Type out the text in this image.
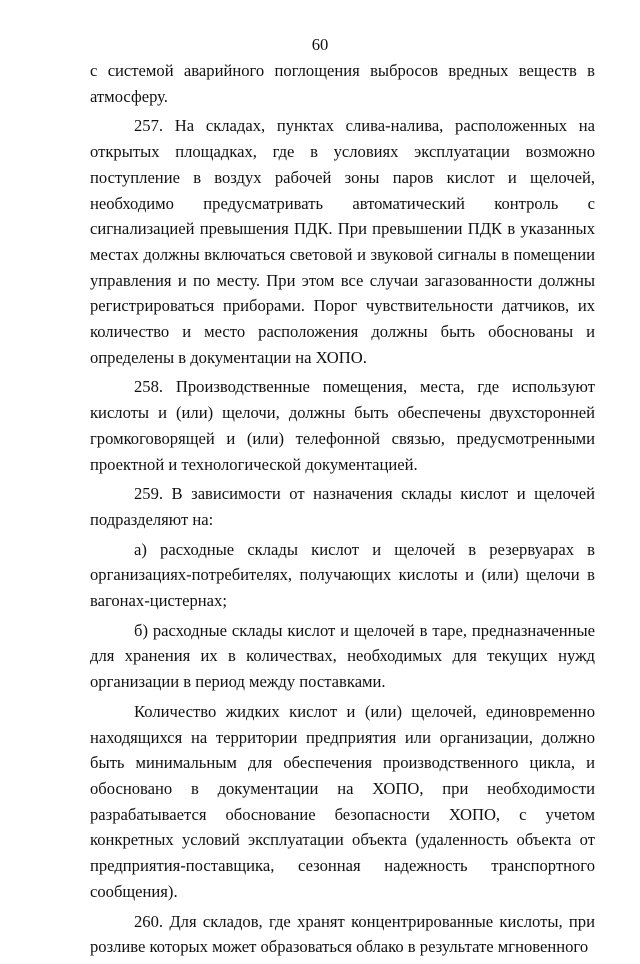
60

с системой аварийного поглощения выбросов вредных веществ в атмосферу.

257. На складах, пунктах слива-налива, расположенных на открытых площадках, где в условиях эксплуатации возможно поступление в воздух рабочей зоны паров кислот и щелочей, необходимо предусматривать автоматический контроль с сигнализацией превышения ПДК. При превышении ПДК в указанных местах должны включаться световой и звуковой сигналы в помещении управления и по месту. При этом все случаи загазованности должны регистрироваться приборами. Порог чувствительности датчиков, их количество и место расположения должны быть обоснованы и определены в документации на ХОПО.

258. Производственные помещения, места, где используют кислоты и (или) щелочи, должны быть обеспечены двухсторонней громкоговорящей и (или) телефонной связью, предусмотренными проектной и технологической документацией.

259. В зависимости от назначения склады кислот и щелочей подразделяют на:

а) расходные склады кислот и щелочей в резервуарах в организациях-потребителях, получающих кислоты и (или) щелочи в вагонах-цистернах;

б) расходные склады кислот и щелочей в таре, предназначенные для хранения их в количествах, необходимых для текущих нужд организации в период между поставками.

Количество жидких кислот и (или) щелочей, единовременно находящихся на территории предприятия или организации, должно быть минимальным для обеспечения производственного цикла, и обосновано в документации на ХОПО, при необходимости разрабатывается обоснование безопасности ХОПО, с учетом конкретных условий эксплуатации объекта (удаленность объекта от предприятия-поставщика, сезонная надежность транспортного сообщения).

260. Для складов, где хранят концентрированные кислоты, при розливе которых может образоваться облако в результате мгновенного
